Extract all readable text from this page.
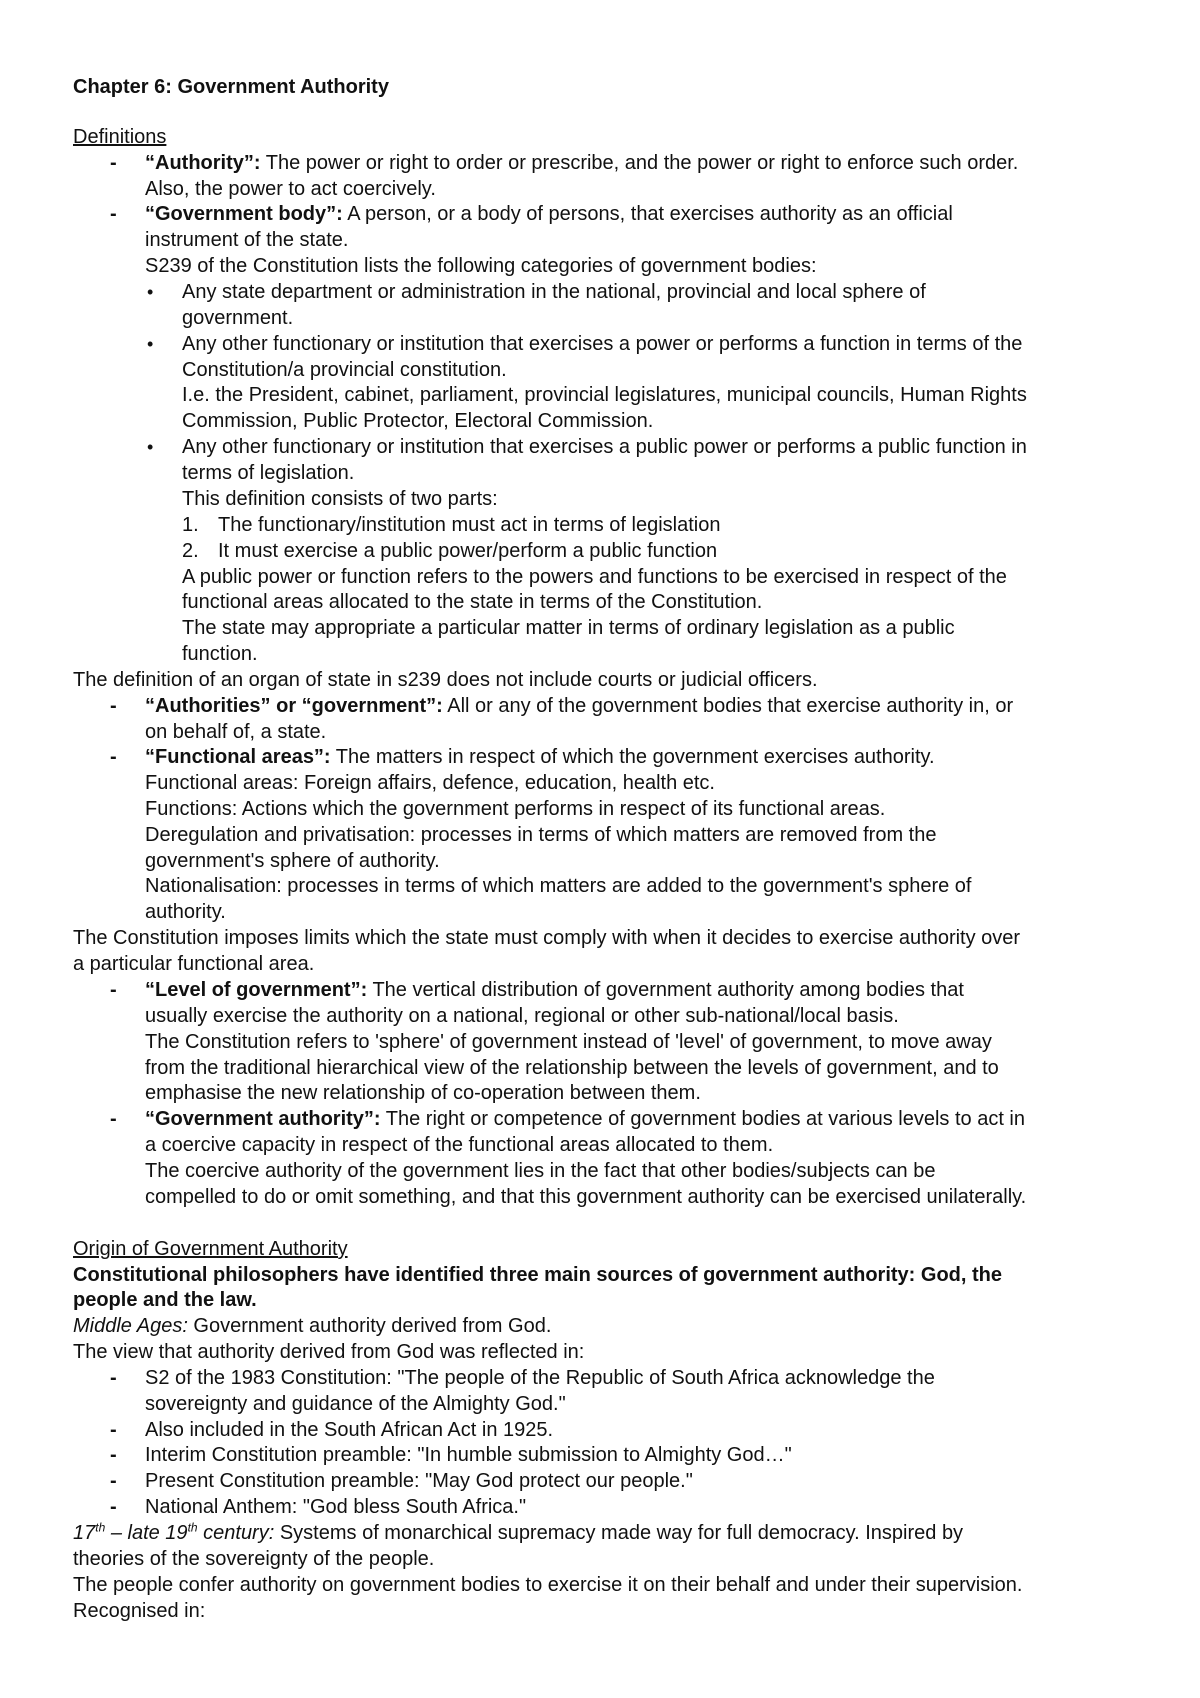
Chapter 6: Government Authority
Definitions
- “Authority”: The power or right to order or prescribe, and the power or right to enforce such order.
Also, the power to act coercively.
- “Government body”: A person, or a body of persons, that exercises authority as an official
instrument of the state.
S239 of the Constitution lists the following categories of government bodies:
• Any state department or administration in the national, provincial and local sphere of
government.
• Any other functionary or institution that exercises a power or performs a function in terms of the
Constitution/a provincial constitution.
I.e. the President, cabinet, parliament, provincial legislatures, municipal councils, Human Rights
Commission, Public Protector, Electoral Commission.
• Any other functionary or institution that exercises a public power or performs a public function in
terms of legislation.
This definition consists of two parts:
1. The functionary/institution must act in terms of legislation
2. It must exercise a public power/perform a public function
A public power or function refers to the powers and functions to be exercised in respect of the
functional areas allocated to the state in terms of the Constitution.
The state may appropriate a particular matter in terms of ordinary legislation as a public
function.
The definition of an organ of state in s239 does not include courts or judicial officers.
- “Authorities” or “government”: All or any of the government bodies that exercise authority in, or
on behalf of, a state.
- “Functional areas”: The matters in respect of which the government exercises authority.
Functional areas: Foreign affairs, defence, education, health etc.
Functions: Actions which the government performs in respect of its functional areas.
Deregulation and privatisation: processes in terms of which matters are removed from the
government's sphere of authority.
Nationalisation: processes in terms of which matters are added to the government's sphere of
authority.
The Constitution imposes limits which the state must comply with when it decides to exercise authority over
a particular functional area.
- “Level of government”: The vertical distribution of government authority among bodies that
usually exercise the authority on a national, regional or other sub-national/local basis.
The Constitution refers to 'sphere' of government instead of 'level' of government, to move away
from the traditional hierarchical view of the relationship between the levels of government, and to
emphasise the new relationship of co-operation between them.
- “Government authority”: The right or competence of government bodies at various levels to act in
a coercive capacity in respect of the functional areas allocated to them.
The coercive authority of the government lies in the fact that other bodies/subjects can be
compelled to do or omit something, and that this government authority can be exercised unilaterally.
Origin of Government Authority
Constitutional philosophers have identified three main sources of government authority: God, the
people and the law.
Middle Ages: Government authority derived from God.
The view that authority derived from God was reflected in:
- S2 of the 1983 Constitution: "The people of the Republic of South Africa acknowledge the
sovereignty and guidance of the Almighty God."
- Also included in the South African Act in 1925.
- Interim Constitution preamble: "In humble submission to Almighty God…"
- Present Constitution preamble: "May God protect our people."
- National Anthem: "God bless South Africa."
17th – late 19th century: Systems of monarchical supremacy made way for full democracy. Inspired by
theories of the sovereignty of the people.
The people confer authority on government bodies to exercise it on their behalf and under their supervision.
Recognised in:
